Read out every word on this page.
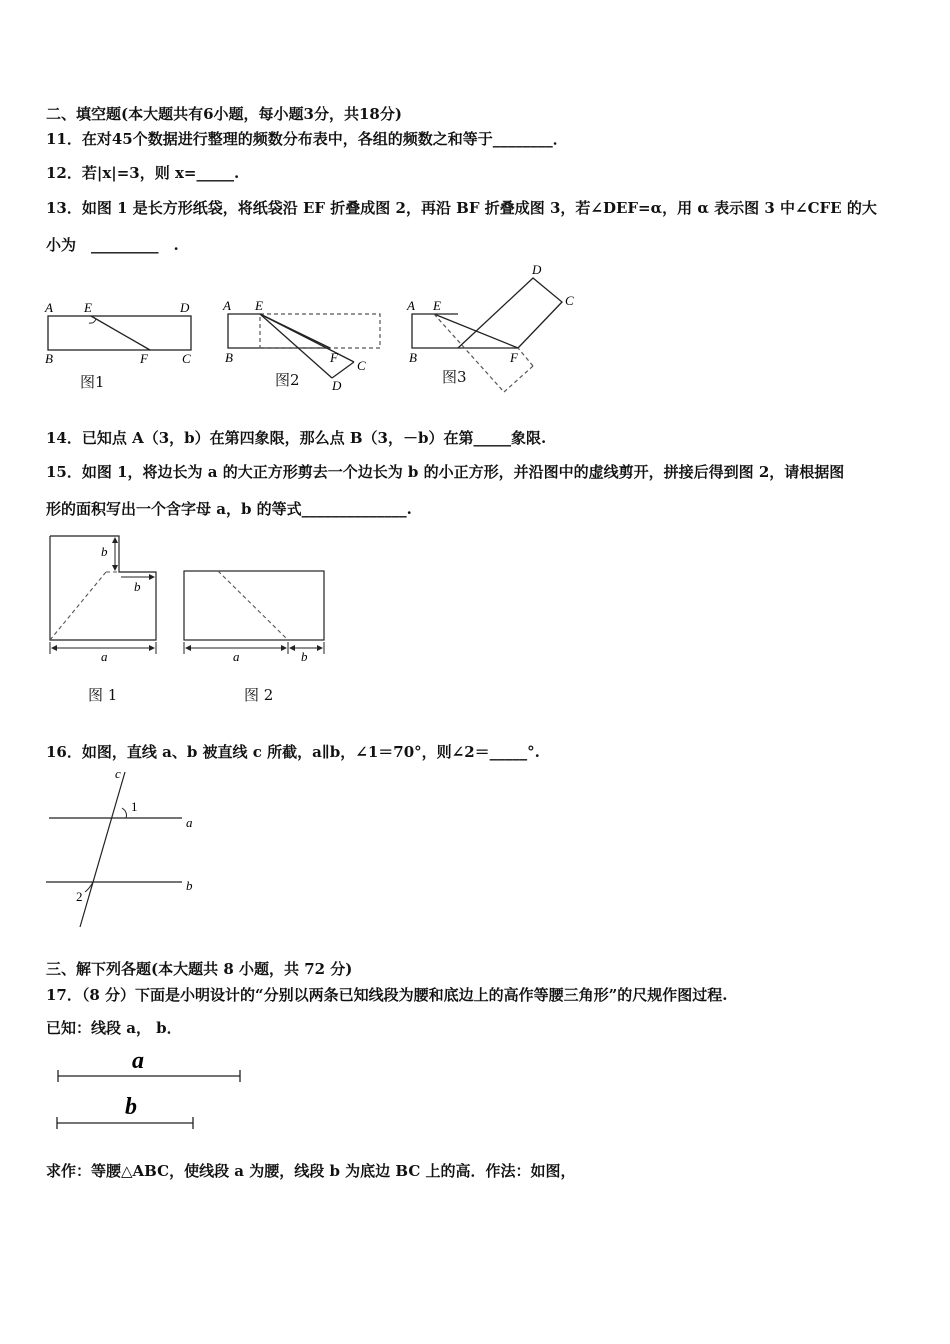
二、填空题(本大题共有6小题，每小题3分，共18分)
11．在对45个数据进行整理的频数分布表中，各组的频数之和等于________．
12．若|x|=3，则 x=_____.
13．如图 1 是长方形纸袋，将纸袋沿 EF 折叠成图 2，再沿 BF 折叠成图 3，若∠DEF=α，用 α 表示图 3 中∠CFE 的大
小为　_________　.
A E	D
B	F	C
图1
A E
B	F
C
D
图2
A E
D
C
B	F
图3
14．已知点 A（3，b）在第四象限，那么点 B（3，－b）在第_____象限.
15．如图 1，将边长为 a 的大正方形剪去一个边长为 b 的小正方形，并沿图中的虚线剪开，拼接后得到图 2，请根据图
形的面积写出一个含字母 a，b 的等式______________.
b
b
a
图 1
a	b
图 2
16．如图，直线 a、b 被直线 c 所截，a∥b，∠1＝70°，则∠2＝_____°.
c
1
a
2
b
三、解下列各题(本大题共 8 小题，共 72 分)
17．（8 分）下面是小明设计的“分别以两条已知线段为腰和底边上的高作等腰三角形”的尺规作图过程.
已知：线段 a， b．
a
b
求作：等腰△ABC，使线段 a 为腰，线段 b 为底边 BC 上的高．作法：如图，
